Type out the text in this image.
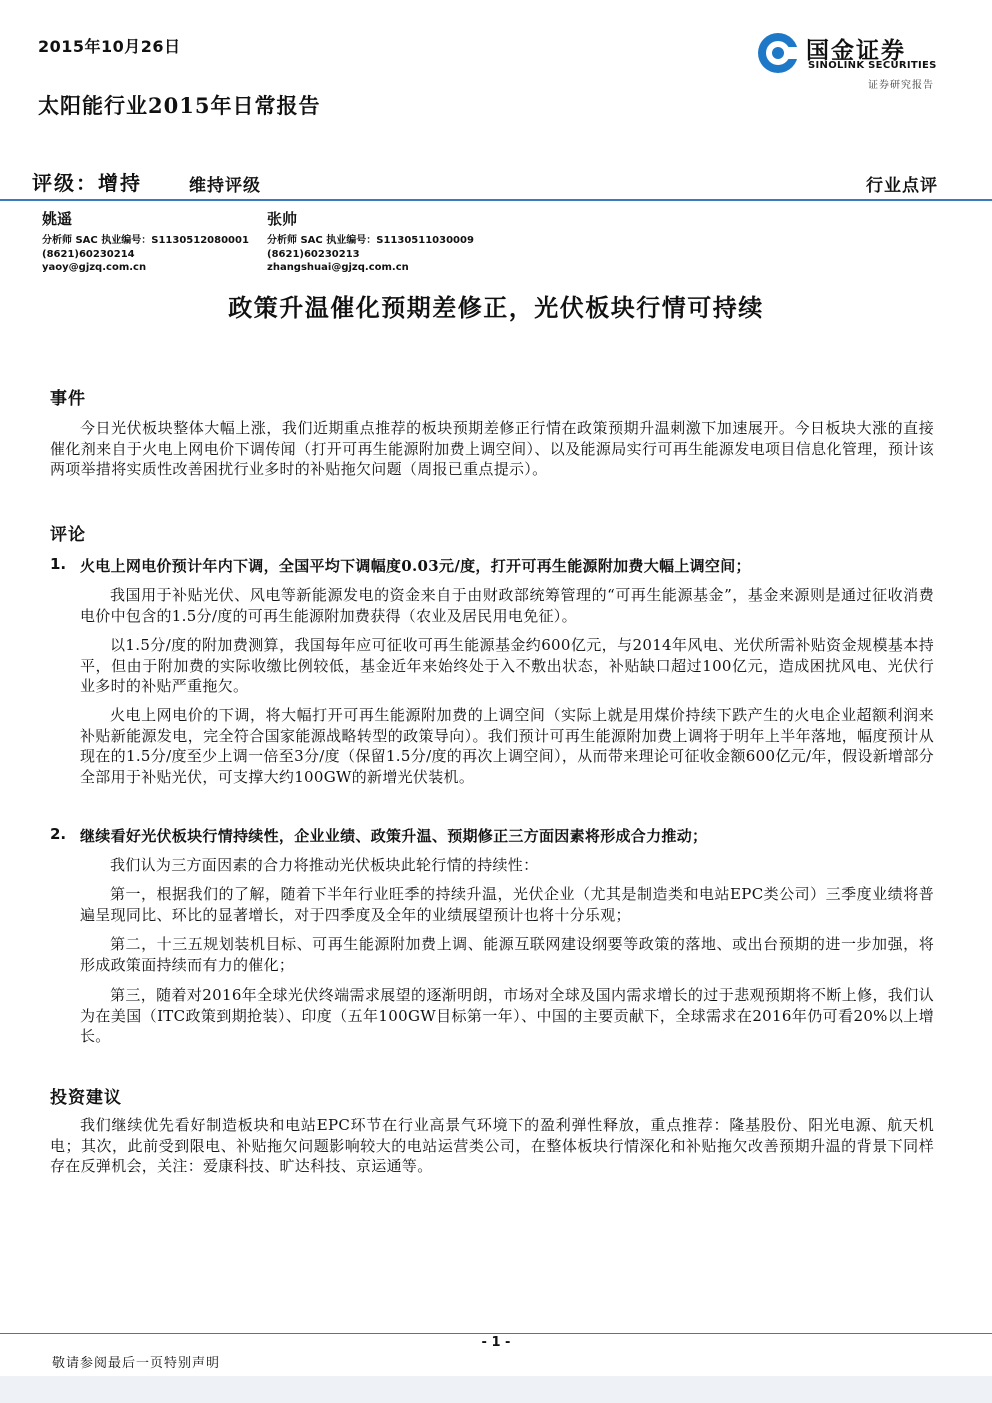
2015年10月26日
太阳能行业2015年日常报告
国金证券
SINOLINK SECURITIES
证券研究报告
评级：增持	维持评级	行业点评
姚遥
分析师 SAC 执业编号：S1130512080001
(8621)60230214
yaoy@gjzq.com.cn
张帅
分析师 SAC 执业编号：S1130511030009
(8621)60230213
zhangshuai@gjzq.com.cn
政策升温催化预期差修正，光伏板块行情可持续
事件
今日光伏板块整体大幅上涨，我们近期重点推荐的板块预期差修正行情在政策预期升温刺激下加速展开。今日板块大涨的直接催化剂来自于火电上网电价下调传闻（打开可再生能源附加费上调空间）、以及能源局实行可再生能源发电项目信息化管理，预计该两项举措将实质性改善困扰行业多时的补贴拖欠问题（周报已重点提示）。
评论
1. 火电上网电价预计年内下调，全国平均下调幅度0.03元/度，打开可再生能源附加费大幅上调空间；
我国用于补贴光伏、风电等新能源发电的资金来自于由财政部统筹管理的“可再生能源基金”，基金来源则是通过征收消费电价中包含的1.5分/度的可再生能源附加费获得（农业及居民用电免征）。
以1.5分/度的附加费测算，我国每年应可征收可再生能源基金约600亿元，与2014年风电、光伏所需补贴资金规模基本持平，但由于附加费的实际收缴比例较低，基金近年来始终处于入不敷出状态，补贴缺口超过100亿元，造成困扰风电、光伏行业多时的补贴严重拖欠。
火电上网电价的下调，将大幅打开可再生能源附加费的上调空间（实际上就是用煤价持续下跌产生的火电企业超额利润来补贴新能源发电，完全符合国家能源战略转型的政策导向）。我们预计可再生能源附加费上调将于明年上半年落地，幅度预计从现在的1.5分/度至少上调一倍至3分/度（保留1.5分/度的再次上调空间），从而带来理论可征收金额600亿元/年，假设新增部分全部用于补贴光伏，可支撑大约100GW的新增光伏装机。
2. 继续看好光伏板块行情持续性，企业业绩、政策升温、预期修正三方面因素将形成合力推动；
我们认为三方面因素的合力将推动光伏板块此轮行情的持续性：
第一，根据我们的了解，随着下半年行业旺季的持续升温，光伏企业（尤其是制造类和电站EPC类公司）三季度业绩将普遍呈现同比、环比的显著增长，对于四季度及全年的业绩展望预计也将十分乐观；
第二，十三五规划装机目标、可再生能源附加费上调、能源互联网建设纲要等政策的落地、或出台预期的进一步加强，将形成政策面持续而有力的催化；
第三，随着对2016年全球光伏终端需求展望的逐渐明朗，市场对全球及国内需求增长的过于悲观预期将不断上修，我们认为在美国（ITC政策到期抢装）、印度（五年100GW目标第一年）、中国的主要贡献下，全球需求在2016年仍可看20%以上增长。
投资建议
我们继续优先看好制造板块和电站EPC环节在行业高景气环境下的盈利弹性释放，重点推荐：隆基股份、阳光电源、航天机电；其次，此前受到限电、补贴拖欠问题影响较大的电站运营类公司，在整体板块行情深化和补贴拖欠改善预期升温的背景下同样存在反弹机会，关注：爱康科技、旷达科技、京运通等。
- 1 -
敬请参阅最后一页特别声明
